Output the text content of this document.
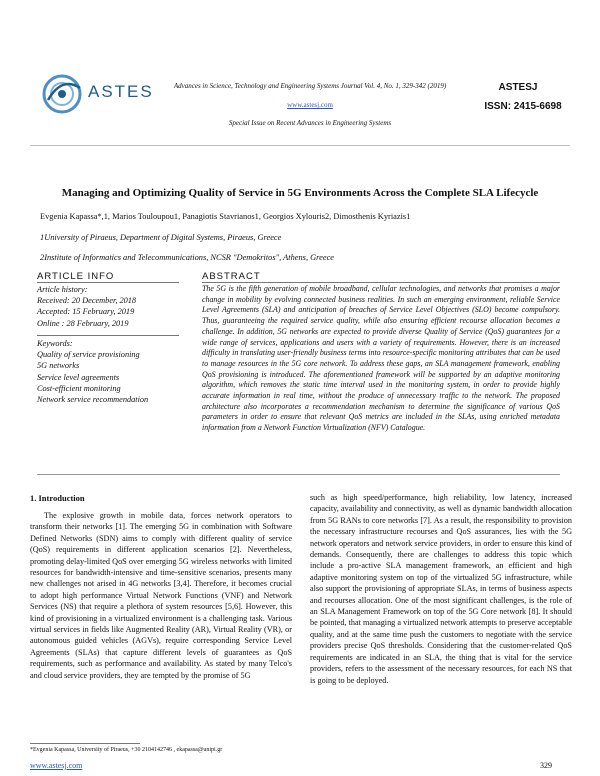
ASTES	Advances in Science, Technology and Engineering Systems Journal Vol. 4, No. 1, 329-342 (2019)
www.astesj.com
Special Issue on Recent Advances in Engineering Systems
ASTESJ
ISSN: 2415-6698
Managing and Optimizing Quality of Service in 5G Environments Across the Complete SLA Lifecycle
Evgenia Kapassa*,1, Marios Touloupou1, Panagiotis Stavrianos1, Georgios Xylouris2, Dimosthenis Kyriazis1
1University of Piraeus, Department of Digital Systems, Piraeus, Greece
2Institute of Informatics and Telecommunications, NCSR "Demokritos", Athens, Greece
ARTICLE INFO
Article history:
Received: 20 December, 2018
Accepted: 15 February, 2019
Online : 28 February, 2019
Keywords:
Quality of service provisioning
5G networks
Service level agreements
Cost-efficient monitoring
Network service recommendation
ABSTRACT
The 5G is the fifth generation of mobile broadband, cellular technologies, and networks that promises a major change in mobility by evolving connected business realities. In such an emerging environment, reliable Service Level Agreements (SLA) and anticipation of breaches of Service Level Objectives (SLO) become compulsory. Thus, guaranteeing the required service quality, while also ensuring efficient recourse allocation becomes a challenge. In addition, 5G networks are expected to provide diverse Quality of Service (QoS) guarantees for a wide range of services, applications and users with a variety of requirements. However, there is an increased difficulty in translating user-friendly business terms into resource-specific monitoring attributes that can be used to manage resources in the 5G core network. To address these gaps, an SLA management framework, enabling QoS provisioning is introduced. The aforementioned framework will be supported by an adaptive monitoring algorithm, which removes the static time interval used in the monitoring system, in order to provide highly accurate information in real time, without the produce of unnecessary traffic to the network. The proposed architecture also incorporates a recommendation mechanism to determine the significance of various QoS parameters in order to ensure that relevant QoS metrics are included in the SLAs, using enriched metadata information from a Network Function Virtualization (NFV) Catalogue.
1. Introduction
The explosive growth in mobile data, forces network operators to transform their networks [1]. The emerging 5G in combination with Software Defined Networks (SDN) aims to comply with different quality of service (QoS) requirements in different application scenarios [2]. Nevertheless, promoting delay-limited QoS over emerging 5G wireless networks with limited resources for bandwidth-intensive and time-sensitive scenarios, presents many new challenges not arised in 4G networks [3,4]. Therefore, it becomes crucial to adopt high performance Virtual Network Functions (VNF) and Network Services (NS) that require a plethora of system resources [5,6]. However, this kind of provisioning in a virtualized environment is a challenging task. Various virtual services in fields like Augmented Reality (AR), Virtual Reality (VR), or autonomous guided vehicles (AGVs), require corresponding Service Level Agreements (SLAs) that capture different levels of guarantees as QoS requirements, such as performance and availability. As stated by many Telco's and cloud service providers, they are tempted by the promise of 5G
such as high speed/performance, high reliability, low latency, increased capacity, availability and connectivity, as well as dynamic bandwidth allocation from 5G RANs to core networks [7]. As a result, the responsibility to provision the necessary infrastructure recourses and QoS assurances, lies with the 5G network operators and network service providers, in order to ensure this kind of demands. Consequently, there are challenges to address this topic which include a pro-active SLA management framework, an efficient and high adaptive monitoring system on top of the virtualized 5G infrastructure, while also support the provisioning of appropriate SLAs, in terms of business aspects and recourses allocation. One of the most significant challenges, is the role of an SLA Management Framework on top of the 5G Core network [8]. It should be pointed, that managing a virtualized network attempts to preserve acceptable quality, and at the same time push the customers to negotiate with the service providers precise QoS thresholds. Considering that the customer-related QoS requirements are indicated in an SLA, the thing that is vital for the service providers, refers to the assessment of the necessary resources, for each NS that is going to be deployed.
*Evgenia Kapassa, University of Piraeus, +30 2104142746 , ekapassa@unipi.gr
www.astesj.com	329
